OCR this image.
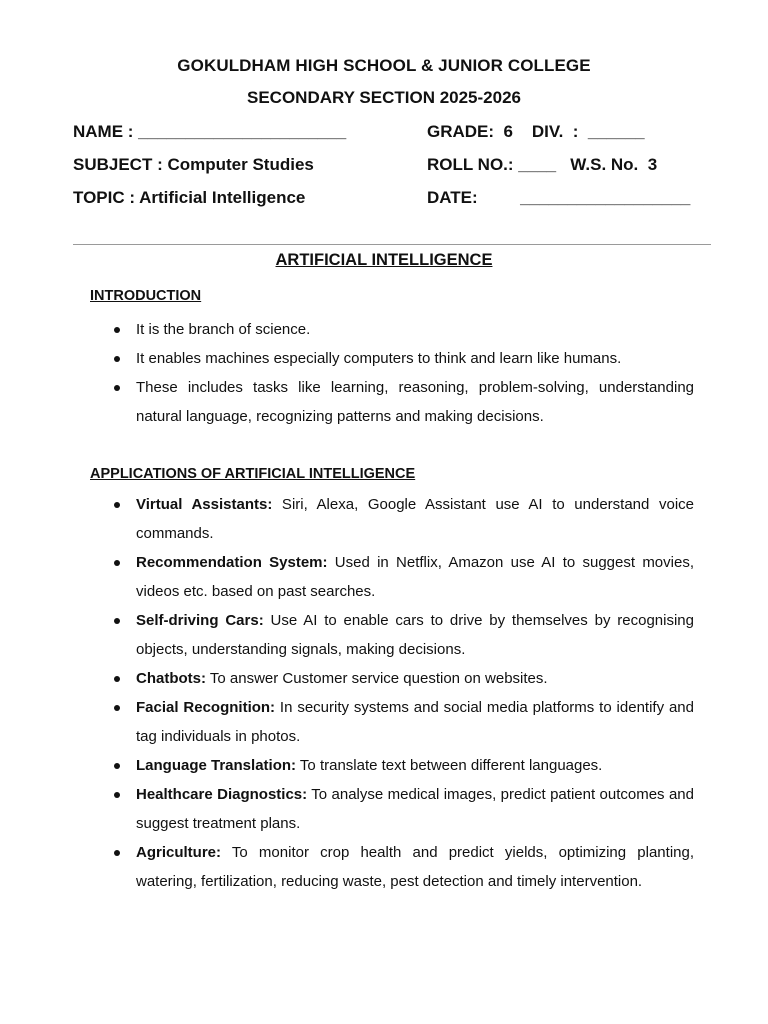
GOKULDHAM HIGH SCHOOL & JUNIOR COLLEGE
SECONDARY SECTION 2025-2026
NAME : ______________________	GRADE:  6    DIV.  :  ______
SUBJECT : Computer Studies	ROLL NO.: ____   W.S. No.  3
TOPIC : Artificial Intelligence	DATE:         __________________
ARTIFICIAL INTELLIGENCE
INTRODUCTION
It is the branch of science.
It enables machines especially computers to think and learn like humans.
These includes tasks like learning, reasoning, problem-solving, understanding natural language, recognizing patterns and making decisions.
APPLICATIONS OF ARTIFICIAL INTELLIGENCE
Virtual Assistants: Siri, Alexa, Google Assistant use AI to understand voice commands.
Recommendation System: Used in Netflix, Amazon use AI to suggest movies, videos etc. based on past searches.
Self-driving Cars: Use AI to enable cars to drive by themselves by recognising objects, understanding signals, making decisions.
Chatbots: To answer Customer service question on websites.
Facial Recognition: In security systems and social media platforms to identify and tag individuals in photos.
Language Translation: To translate text between different languages.
Healthcare Diagnostics: To analyse medical images, predict patient outcomes and suggest treatment plans.
Agriculture: To monitor crop health and predict yields, optimizing planting, watering, fertilization, reducing waste, pest detection and timely intervention.
